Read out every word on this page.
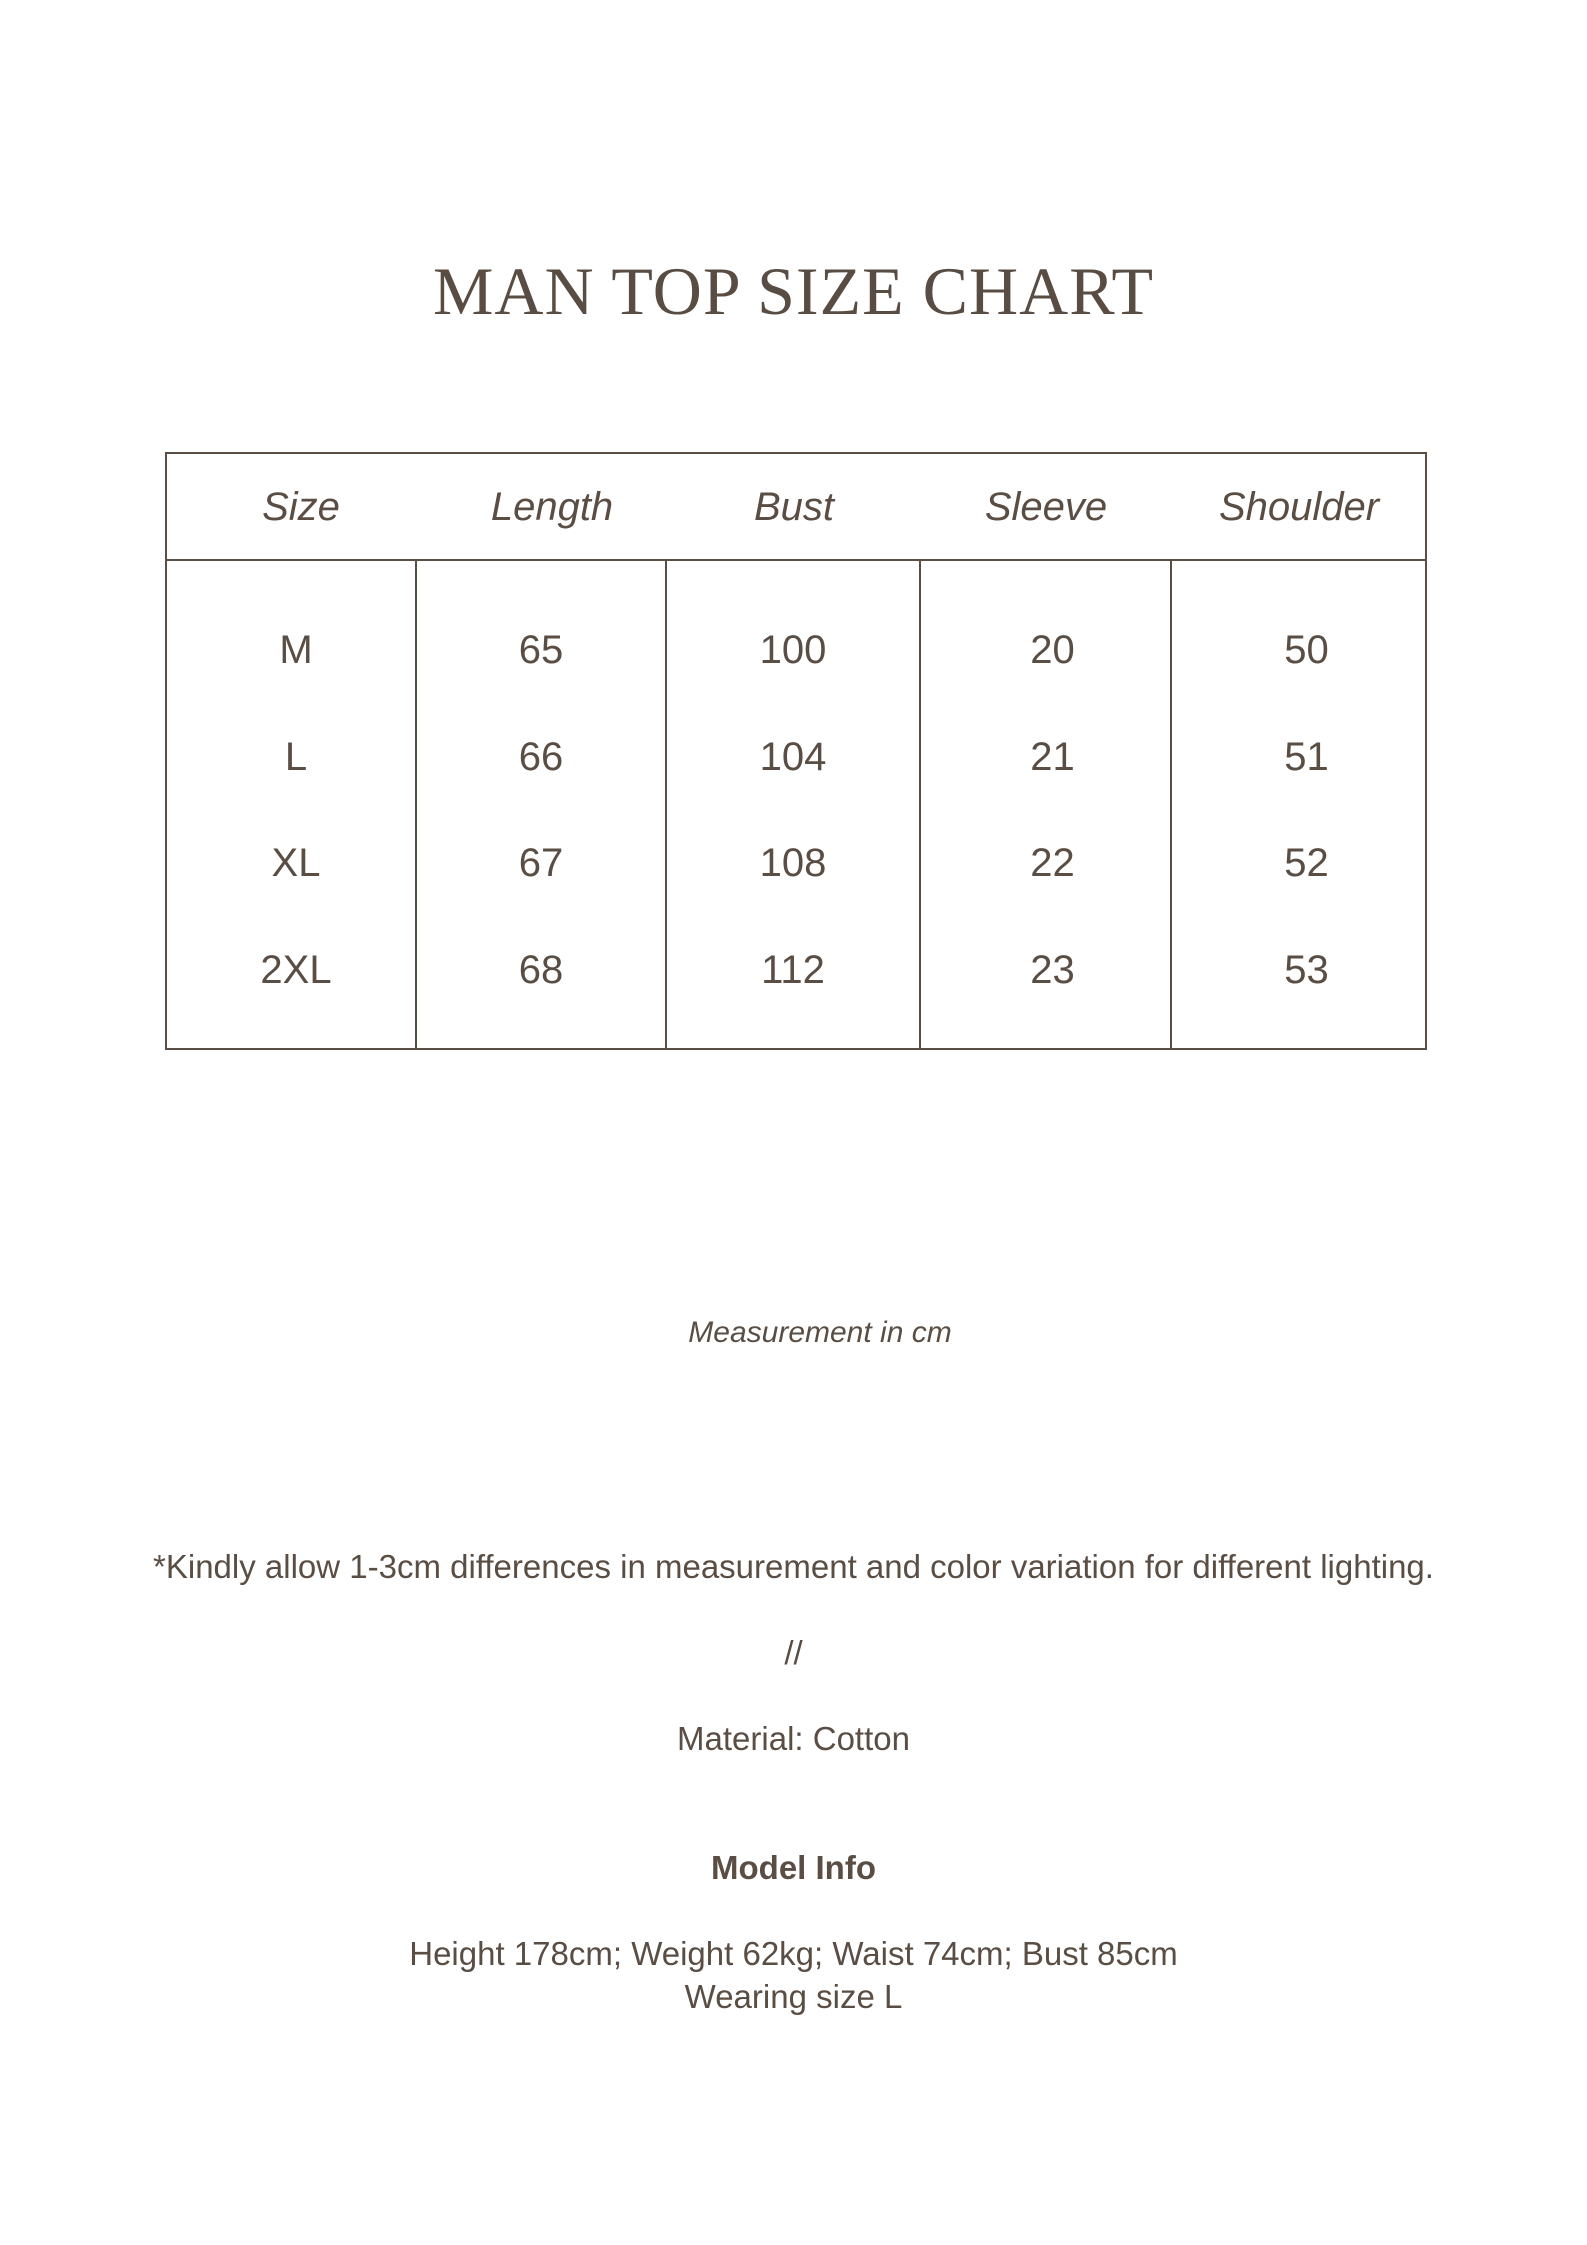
MAN TOP SIZE CHART
Size	Length	Bust	Sleeve	Shoulder
M	65	100	20	50
L	66	104	21	51
XL	67	108	22	52
2XL	68	112	23	53
Measurement in cm
*Kindly allow 1-3cm differences in measurement and color variation for different lighting.
//
Material: Cotton
Model Info
Height 178cm; Weight 62kg; Waist 74cm; Bust 85cm
Wearing size L
